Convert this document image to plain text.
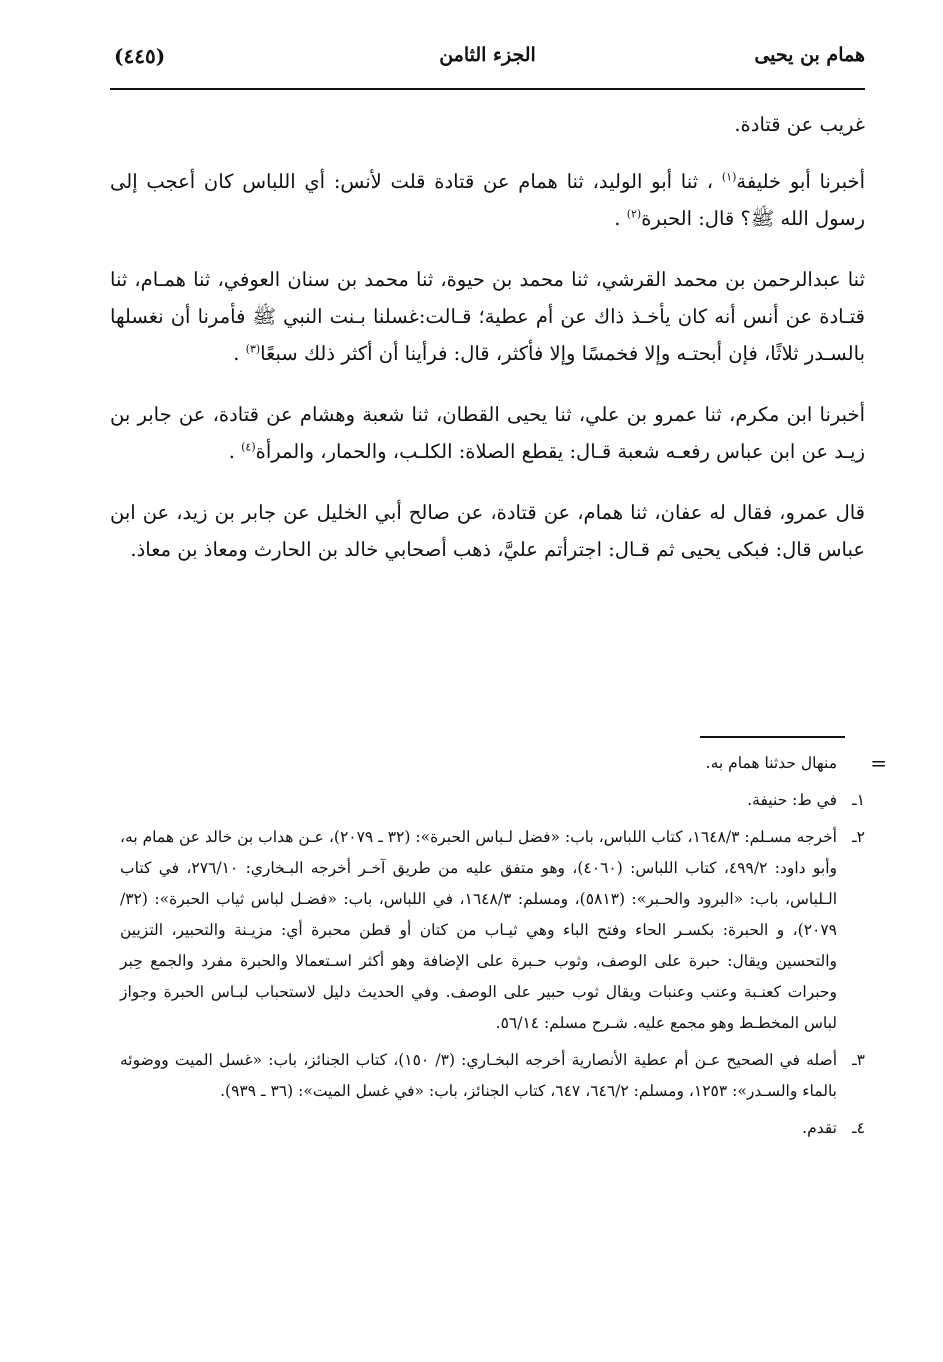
همام بن يحيى
الجزء الثامن
(٤٤٥)

غريب عن قتادة.

أخبرنا أبو خليفة$^{(١)}$ ، ثنا أبو الوليد، ثنا همام عن قتادة قلت لأنس: أي اللباس كان أعجب إلى رسول الله ﷺ؟ قال: الحبرة$^{(٢)}$ .

ثنا عبدالرحمن بن محمد القرشي، ثنا محمد بن حيوة، ثنا محمد بن سنان العوفي، ثنا همـام، ثنا قتـادة عن أنس أنه كان يأخـذ ذاك عن أم عطية؛ قـالت:غسلنا بـنت النبي ﷺ فأمرنا أن نغسلها بالسـدر ثلاثًا، فإن أبحتـه وإلا فخمسًا وإلا فأكثر، قال: فرأينا أن أكثر ذلك سبعًا$^{(٣)}$ .

أخبرنا ابن مكرم، ثنا عمرو بن علي، ثنا يحيى القطان، ثنا شعبة وهشام عن قتادة، عن جابر بن زيـد عن ابن عباس رفعـه شعبة قـال: يقطع الصلاة: الكلـب، والحمار، والمرأة$^{(٤)}$ .

قال عمرو، فقال له عفان، ثنا همام، عن قتادة، عن صالح أبي الخليل عن جابر بن زيد، عن ابن عباس قال: فبكى يحيى ثم قـال: اجترأتم عليَّ، ذهب أصحابي خالد بن الحارث ومعاذ بن معاذ.

=
منهال حدثنا همام به.
١ـ
في ط: حنيفة.
٢ـ
أخرجه مسـلم: ١٦٤٨/٣، كتاب اللباس، باب: «فضل لـباس الحبرة»: (٣٢ ـ ٢٠٧٩)، عـن هداب بن خالد عن همام به، وأبو داود: ٤٩٩/٢، كتاب اللباس: (٤٠٦٠)، وهو متفق عليه من طريق آخـر أخرجه البـخاري: ٢٧٦/١٠، في كتاب الـلباس، باب: «البرود والحـبر»: (٥٨١٣)، ومسلم: ١٦٤٨/٣، في اللباس، باب: «فضـل لباس ثياب الحبرة»: (٣٢/ ٢٠٧٩)، و الحبرة: بكسـر الحاء وفتح الباء وهي ثيـاب من كتان أو قطن محبرة أي: مزيـنة والتحبير، التزيين والتحسين ويقال: حبرة على الوصف، وثوب حـبرة على الإضافة وهو أكثر اسـتعمالا والحبرة مفرد والجمع حِبر وحبرات كعنـبة وعنب وعنبات ويقال ثوب حبير على الوصف. وفي الحديث دليل لاستحباب لبـاس الحبرة وجواز لباس المخطـط وهو مجمع عليه. شـرح مسلم: ٥٦/١٤.
٣ـ
أصله في الصحيح عـن أم عطية الأنصارية أخرجه البخـاري: (٣/ ١٥٠)، كتاب الجنائز، باب: «غسل الميت ووضوئه بالماء والسـدر»: ١٢٥٣، ومسلم: ٦٤٦/٢، ٦٤٧، كتاب الجنائز، باب: «في غسل الميت»: (٣٦ ـ ٩٣٩).
٤ـ
تقدم.
